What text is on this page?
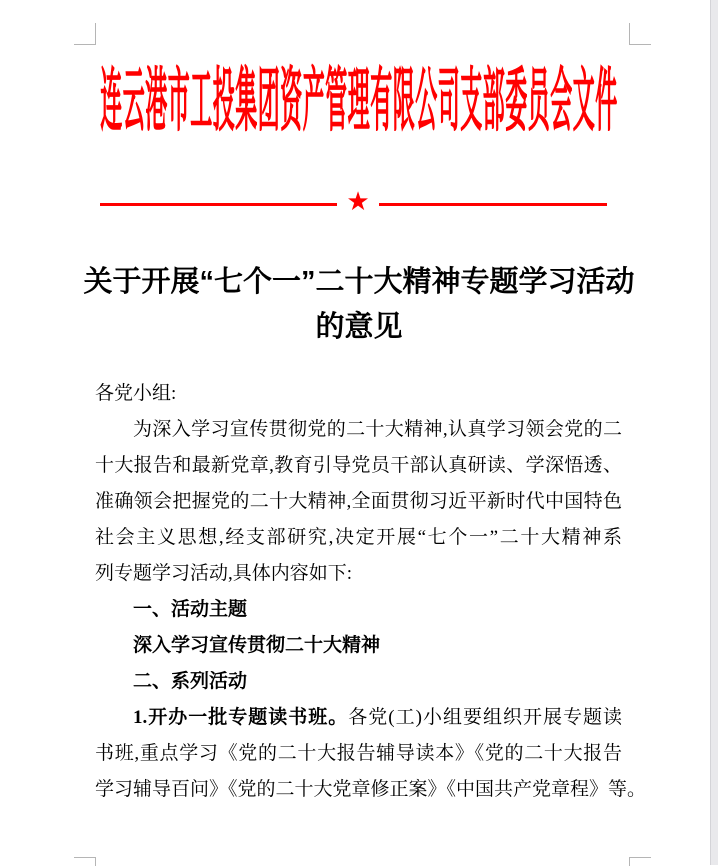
连云港市工投集团资产管理有限公司支部委员会文件
★
关于开展“七个一”二十大精神专题学习活动
的意见
各党小组:
为深入学习宣传贯彻党的二十大精神,认真学习领会党的二
十大报告和最新党章,教育引导党员干部认真研读、学深悟透、
准确领会把握党的二十大精神,全面贯彻习近平新时代中国特色
社会主义思想,经支部研究,决定开展“七个一”二十大精神系
列专题学习活动,具体内容如下:
一、活动主题
深入学习宣传贯彻二十大精神
二、系列活动
1.开办一批专题读书班。各党(工)小组要组织开展专题读
书班,重点学习《党的二十大报告辅导读本》《党的二十大报告
学习辅导百问》《党的二十大党章修正案》《中国共产党章程》等。
